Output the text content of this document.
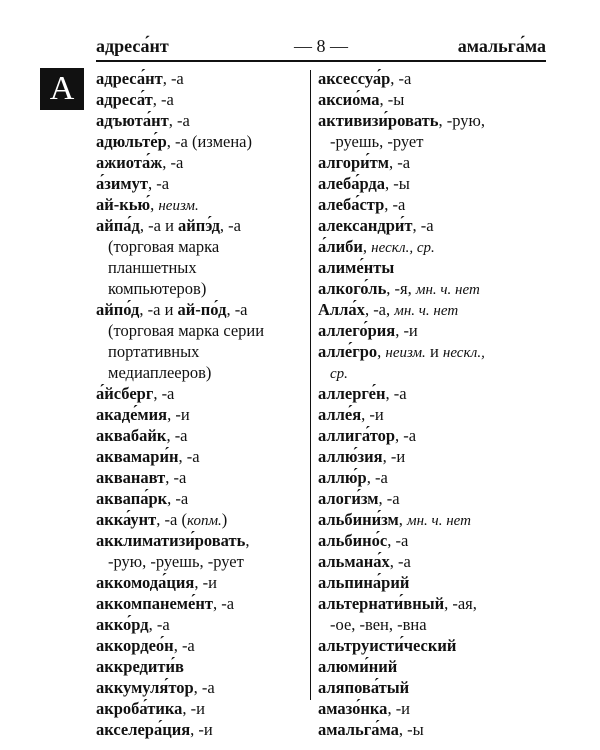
адреса́нт	— 8 —	амальга́ма
А	адреса́нт, -а
адреса́т, -а
адъюта́нт, -а
адюльте́р, -а (измена)
ажиота́ж, -а
а́зимут, -а
ай-кью́, неизм.
айпа́д, -а и айпэ́д, -а
(торговая марка
планшетных
компьютеров)
айпо́д, -а и ай-по́д, -а
(торговая марка серии
портативных
медиаплееров)
а́йсберг, -а
акаде́мия, -и
аквабайк, -а
аквамари́н, -а
акванавт, -а
аквапа́рк, -а
акка́унт, -а (копм.)
акклиматизи́ровать,
-рую, -руешь, -рует
аккомода́ция, -и
аккомпанеме́нт, -а
акко́рд, -а
аккордео́н, -а
аккредити́в
аккумуля́тор, -а
акроба́тика, -и
акселера́ция, -и
аксессуа́р, -а
аксио́ма, -ы
активизи́ровать, -рую,
-руешь, -рует
алгори́тм, -а
алеба́рда, -ы
алеба́стр, -а
александри́т, -а
а́либи, нескл., ср.
алиме́нты
алкого́ль, -я, мн. ч. нет
Алла́х, -а, мн. ч. нет
аллего́рия, -и
алле́гро, неизм. и нескл.,
ср.
аллерге́н, -а
алле́я, -и
аллига́тор, -а
аллю́зия, -и
аллю́р, -а
алоги́зм, -а
альбини́зм, мн. ч. нет
альбино́с, -а
альмана́х, -а
альпина́рий
альтернати́вный, -ая,
-ое, -вен, -вна
альтруисти́ческий
алюми́ний
аляпова́тый
амазо́нка, -и
амальга́ма, -ы
